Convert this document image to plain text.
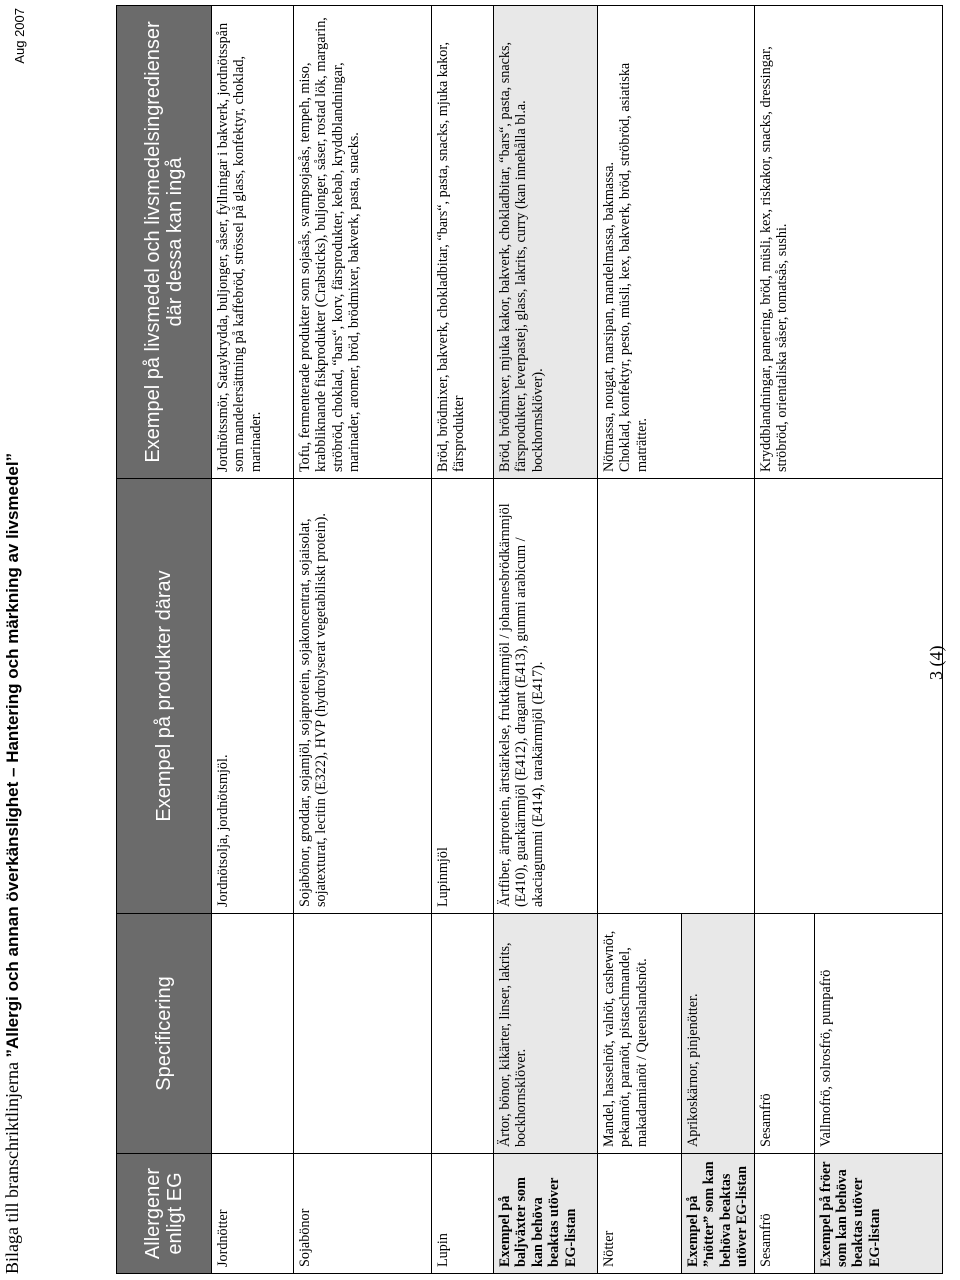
Bilaga till branschriktlinjerna ”Allergi och annan överkänslighet – Hantering och märkning av livsmedel”
Aug 2007
Allergener enligt EG	Specificering	Exempel på produkter därav	Exempel på livsmedel och livsmedelsingredienser där dessa kan ingå
Jordnötter		Jordnötsolja, jordnötsmjöl.	Jordnötssmör, Sataykrydda, buljonger, såser, fyllningar i bakverk, jordnötsspån som mandelersättning på kaffebröd, strössel på glass, konfektyr, choklad, marinader.
Sojabönor		Sojabönor, groddar, sojamjöl, sojaprotein, sojakoncentrat, sojaisolat, sojatexturat, lecitin (E322), HVP (hydrolyserat vegetabiliskt protein).	Tofu, fermenterade produkter som sojasås, svampsojasås, tempeh, miso, krabbliknande fiskprodukter (Crabsticks), buljonger, såser, rostad lök, margarin, ströbröd, choklad, “bars“, korv, färsprodukter, kebab, kryddblandningar, marinader, aromer, bröd, brödmixer, bakverk, pasta, snacks.
Lupin		Lupinmjöl	Bröd, brödmixer, bakverk, chokladbitar, “bars“, pasta, snacks, mjuka kakor, färsprodukter
Exempel på baljväxter som kan behöva beaktas utöver EG-listan	Ärtor, bönor, kikärter, linser, lakrits, bockhornsklöver.	Ärtfiber, ärtprotein, ärtstärkelse, fruktkärnmjöl / johannesbrödkärnmjöl (E410), guarkärnmjöl (E412), dragant (E413), gummi arabicum / akaciagummi (E414), tarakärnmjöl (E417).	Bröd, brödmixer, mjuka kakor, bakverk, chokladbitar, “bars“, pasta, snacks, färsprodukter, leverpastej, glass, lakrits, curry (kan innehålla bl.a. bockhornsklöver).
Nötter	Mandel, hasselnöt, valnöt, cashewnöt, pekannöt, paranöt, pistaschmandel, makadamianöt / Queenslandsnöt.		Nötmassa, nougat, marsipan, mandelmassa, bakmassa. Choklad, konfektyr, pesto, müsli, kex, bakverk, bröd, ströbröd, asiatiska maträtter.

Exempel på ”nötter” som kan behöva beaktas utöver EG-listan	Aprikoskärnor, pinjenötter.		
Sesamfrö	Sesamfrö		Kryddblandningar, panering, bröd, müsli, kex, riskakor, snacks, dressingar, ströbröd, orientaliska såser, tomatsås, sushi.
Exempel på fröer som kan behöva beaktas utöver EG-listan	Vallmofrö, solrosfrö, pumpafrö		
3 (4)
